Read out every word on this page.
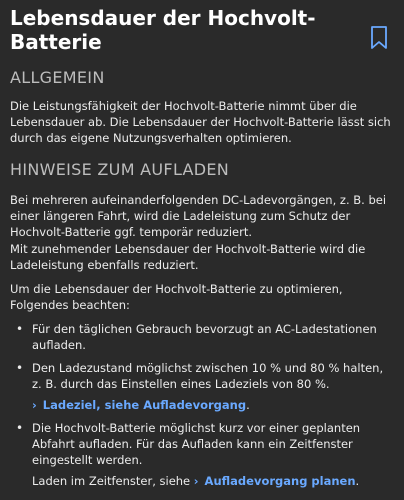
Lebensdauer der Hochvolt-Batterie
ALLGEMEIN

Die Leistungsfähigkeit der Hochvolt-Batterie nimmt über die Lebensdauer ab. Die Lebensdauer der Hochvolt-Batterie lässt sich durch das eigene Nutzungsverhalten optimieren.

HINWEISE ZUM AUFLADEN

Bei mehreren aufeinanderfolgenden DC-Ladevorgängen, z. B. bei einer längeren Fahrt, wird die Ladeleistung zum Schutz der Hochvolt-Batterie ggf. temporär reduziert.

Mit zunehmender Lebensdauer der Hochvolt-Batterie wird die Ladeleistung ebenfalls reduziert.

Um die Lebensdauer der Hochvolt-Batterie zu optimieren, Folgendes beachten:

• Für den täglichen Gebrauch bevorzugt an AC-Ladestationen aufladen.

• Den Ladezustand möglichst zwischen 10 % und 80 % halten, z. B. durch das Einstellen eines Ladeziels von 80 %.

› Ladeziel, siehe Aufladevorgang.
• Die Hochvolt-Batterie möglichst kurz vor einer geplanten Abfahrt aufladen. Für das Aufladen kann ein Zeitfenster eingestellt werden.

Laden im Zeitfenster, siehe › Aufladevorgang planen.
